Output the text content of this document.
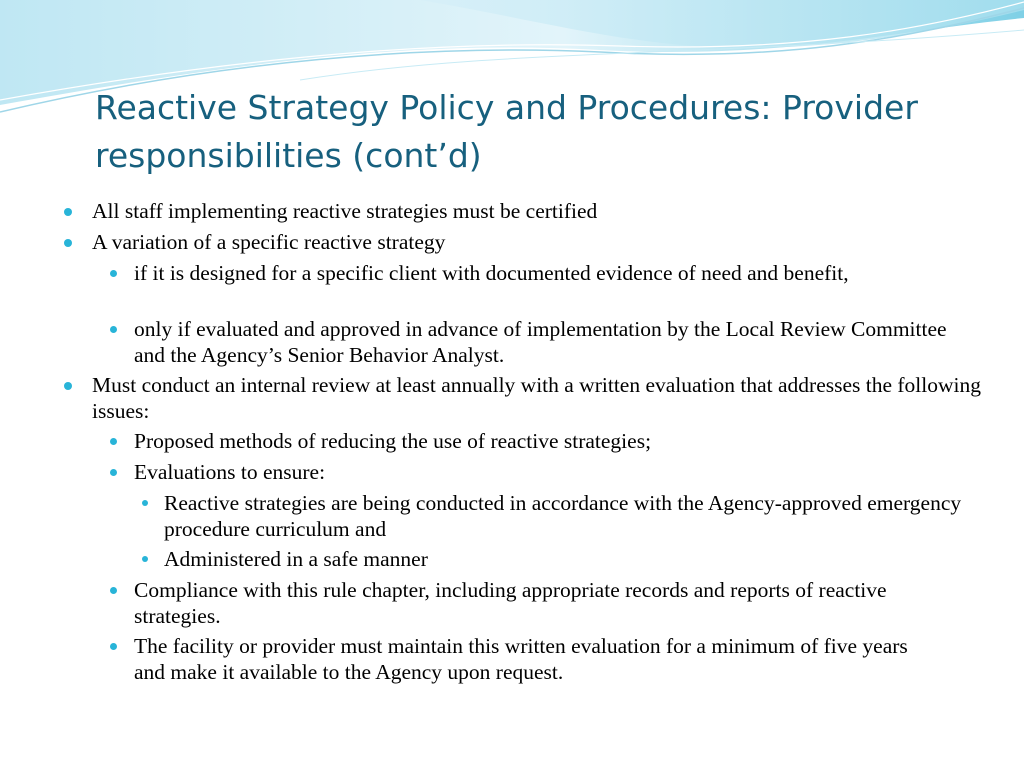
Reactive Strategy Policy and Procedures: Provider responsibilities (cont’d)
All staff implementing reactive strategies must be certified
A variation of a specific reactive strategy
if it is designed for a specific client with documented evidence of need and benefit,
only if evaluated and approved in advance of implementation by the Local Review Committee and the Agency’s Senior Behavior Analyst.
Must conduct an internal review at least annually with a written evaluation that addresses the following issues:
Proposed methods of reducing the use of reactive strategies;
Evaluations to ensure:
Reactive strategies are being conducted in accordance with the Agency-approved emergency procedure curriculum and
Administered in a safe manner
Compliance with this rule chapter, including appropriate records and reports of reactive strategies.
The facility or provider must maintain this written evaluation for a minimum of five years and make it available to the Agency upon request.
